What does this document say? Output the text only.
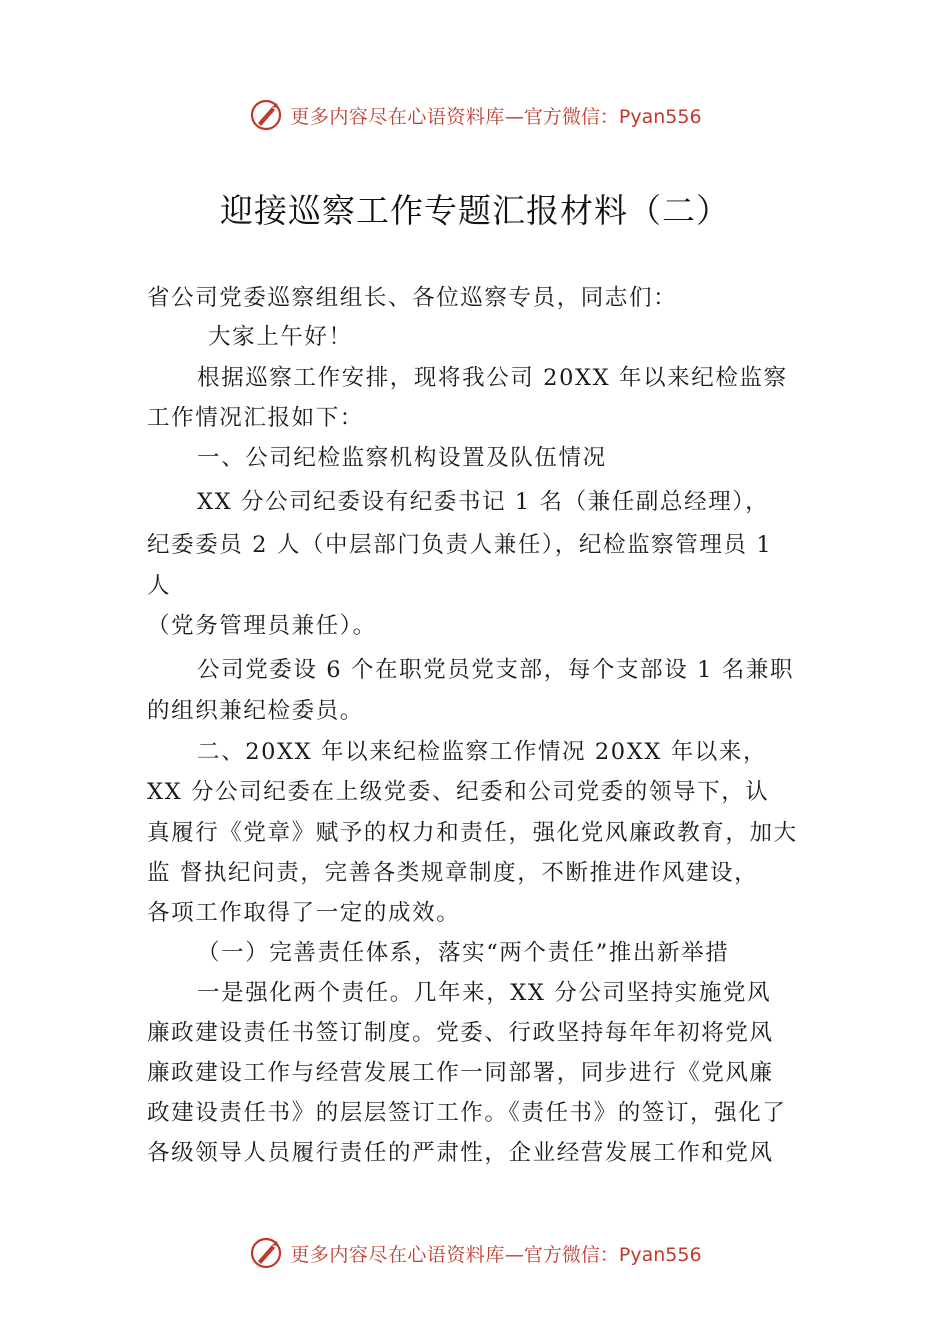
更多内容尽在心语资料库 —官方微信：Pyan556
迎接巡察工作专题汇报材料（二）
省公司党委巡察组组长、各位巡察专员，同志们：
大家上午好！
根据巡察工作安排，现将我公司 20XX 年以来纪检监察
工作情况汇报如下：
一、公司纪检监察机构设置及队伍情况
XX 分公司纪委设有纪委书记 1 名（兼任副总经理），
纪委委员 2 人（中层部门负责人兼任），纪检监察管理员 1
人
（党务管理员兼任）。
公司党委设 6 个在职党员党支部，每个支部设 1 名兼职
的组织兼纪检委员。
二、20XX 年以来纪检监察工作情况 20XX 年以来，
XX 分公司纪委在上级党委、纪委和公司党委的领导下，认
真履行《党章》赋予的权力和责任，强化党风廉政教育，加大
监 督执纪问责，完善各类规章制度，不断推进作风建设，
各项工作取得了一定的成效。
（一）完善责任体系，落实“两个责任”推出新举措
一是强化两个责任。几年来，XX 分公司坚持实施党风
廉政建设责任书签订制度。党委、行政坚持每年年初将党风
廉政建设工作与经营发展工作一同部署，同步进行《党风廉
政建设责任书》的层层签订工作。《责任书》的签订，强化了
各级领导人员履行责任的严肃性，企业经营发展工作和党风
更多内容尽在心语资料库 —官方微信：Pyan556
